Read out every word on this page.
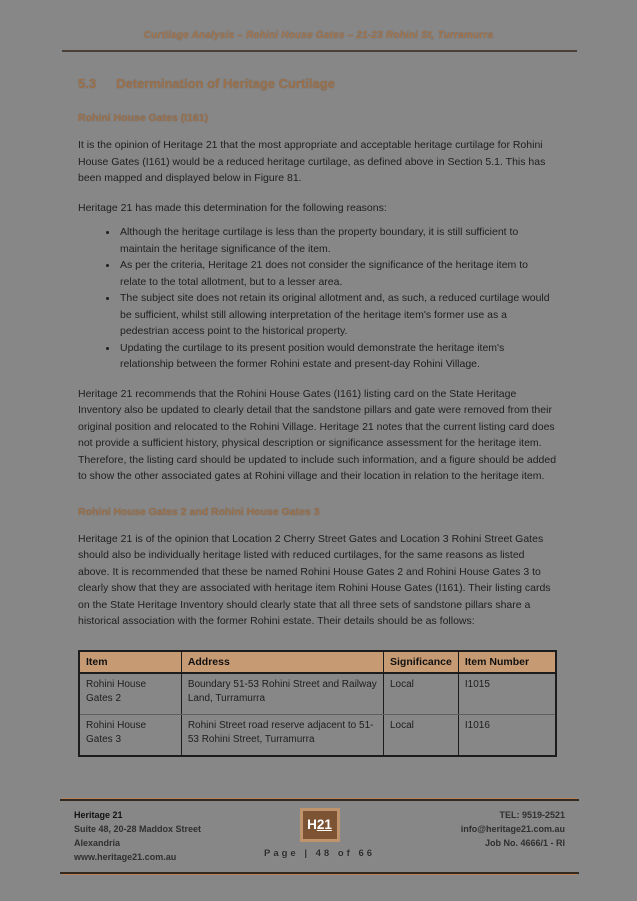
Curtilage Analysis – Rohini House Gates – 21-23 Rohini St, Turramurra
5.3 Determination of Heritage Curtilage
Rohini House Gates (I161)

It is the opinion of Heritage 21 that the most appropriate and acceptable heritage curtilage for Rohini House Gates (I161) would be a reduced heritage curtilage, as defined above in Section 5.1. This has been mapped and displayed below in Figure 81.

Heritage 21 has made this determination for the following reasons:

• Although the heritage curtilage is less than the property boundary, it is still sufficient to maintain the heritage significance of the item.
• As per the criteria, Heritage 21 does not consider the significance of the heritage item to relate to the total allotment, but to a lesser area.
• The subject site does not retain its original allotment and, as such, a reduced curtilage would be sufficient, whilst still allowing interpretation of the heritage item's former use as a pedestrian access point to the historical property.
• Updating the curtilage to its present position would demonstrate the heritage item's relationship between the former Rohini estate and present-day Rohini Village.

Heritage 21 recommends that the Rohini House Gates (I161) listing card on the State Heritage Inventory also be updated to clearly detail that the sandstone pillars and gate were removed from their original position and relocated to the Rohini Village. Heritage 21 notes that the current listing card does not provide a sufficient history, physical description or significance assessment for the heritage item. Therefore, the listing card should be updated to include such information, and a figure should be added to show the other associated gates at Rohini village and their location in relation to the heritage item.

Rohini House Gates 2 and Rohini House Gates 3

Heritage 21 is of the opinion that Location 2 Cherry Street Gates and Location 3 Rohini Street Gates should also be individually heritage listed with reduced curtilages, for the same reasons as listed above. It is recommended that these be named Rohini House Gates 2 and Rohini House Gates 3 to clearly show that they are associated with heritage item Rohini House Gates (I161). Their listing cards on the State Heritage Inventory should clearly state that all three sets of sandstone pillars share a historical association with the former Rohini estate. Their details should be as follows:

Item	Address	Significance	Item Number
Rohini House Gates 2	Boundary 51-53 Rohini Street and Railway Land, Turramurra	Local	I1015
Rohini House Gates 3	Rohini Street road reserve adjacent to 51-53 Rohini Street, Turramurra	Local	I1016
Heritage 21
Suite 48, 20-28 Maddox Street
Alexandria
www.heritage21.com.au
H 21
Page | 48 of 66
TEL: 9519-2521
info@heritage21.com.au
Job No. 4666/1 - RI
